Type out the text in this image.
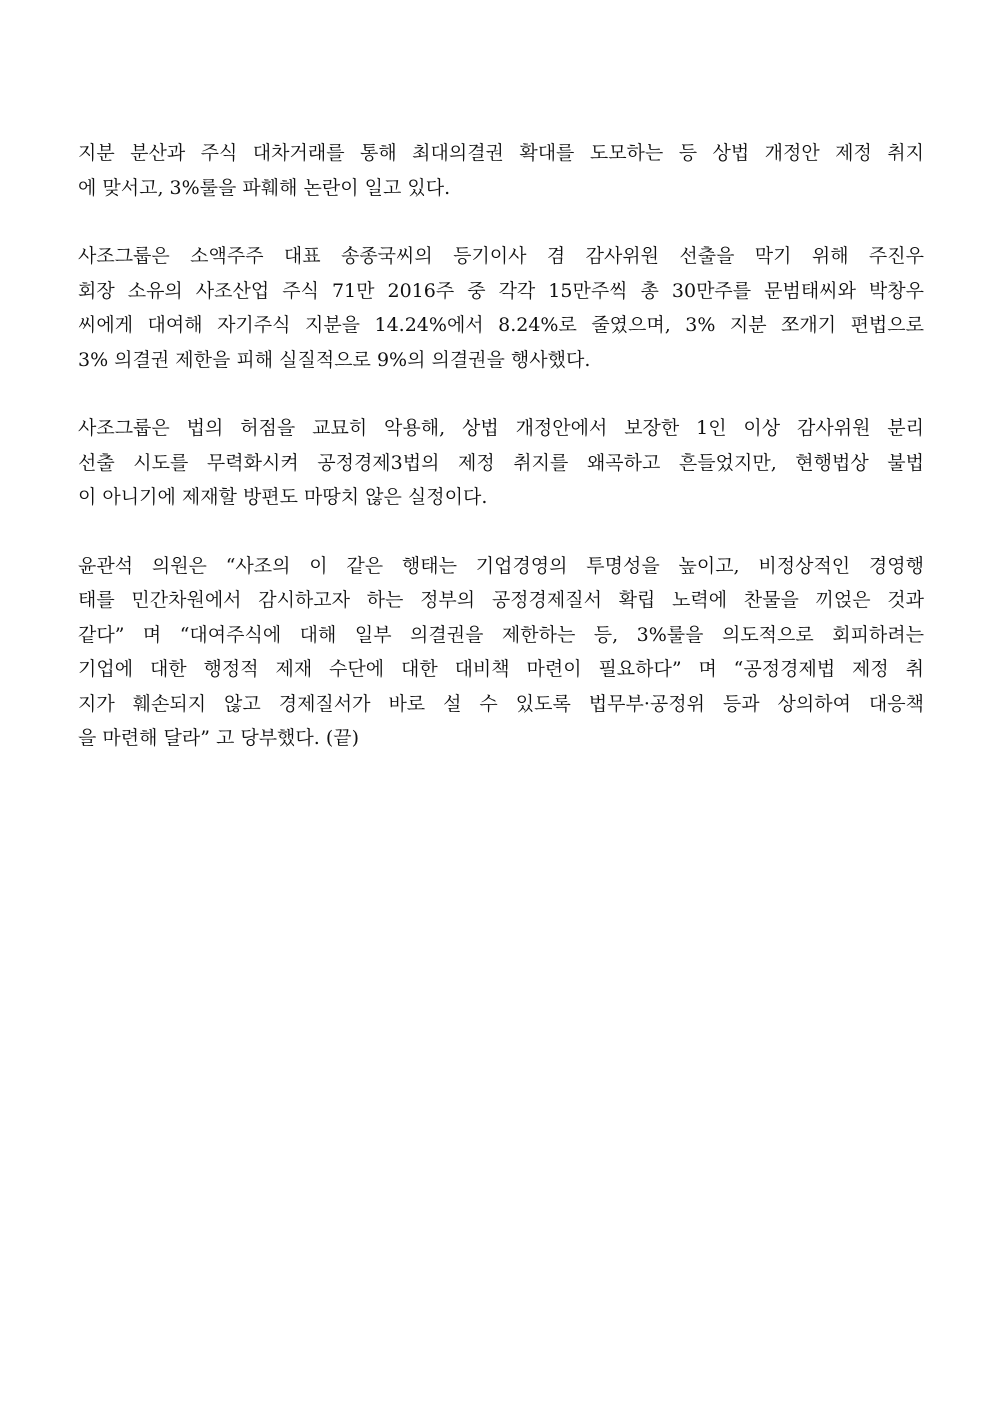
지분 분산과 주식 대차거래를 통해 최대의결권 확대를 도모하는 등 상법 개정안 제정 취지
에 맞서고, 3%룰을 파훼해 논란이 일고 있다.

사조그룹은 소액주주 대표 송종국씨의 등기이사 겸 감사위원 선출을 막기 위해 주진우
회장 소유의 사조산업 주식 71만 2016주 중 각각 15만주씩 총 30만주를 문범태씨와 박창우
씨에게 대여해 자기주식 지분을 14.24%에서 8.24%로 줄였으며, 3% 지분 쪼개기 편법으로
3% 의결권 제한을 피해 실질적으로 9%의 의결권을 행사했다.

사조그룹은 법의 허점을 교묘히 악용해, 상법 개정안에서 보장한 1인 이상 감사위원 분리
선출 시도를 무력화시켜 공정경제3법의 제정 취지를 왜곡하고 흔들었지만, 현행법상 불법
이 아니기에 제재할 방편도 마땅치 않은 실정이다.

윤관석 의원은 “사조의 이 같은 행태는 기업경영의 투명성을 높이고, 비정상적인 경영행
태를 민간차원에서 감시하고자 하는 정부의 공정경제질서 확립 노력에 찬물을 끼얹은 것과
같다” 며 “대여주식에 대해 일부 의결권을 제한하는 등, 3%룰을 의도적으로 회피하려는
기업에 대한 행정적 제재 수단에 대한 대비책 마련이 필요하다” 며 “공정경제법 제정 취
지가 훼손되지 않고 경제질서가 바로 설 수 있도록 법무부·공정위 등과 상의하여 대응책
을 마련해 달라” 고 당부했다. (끝)
